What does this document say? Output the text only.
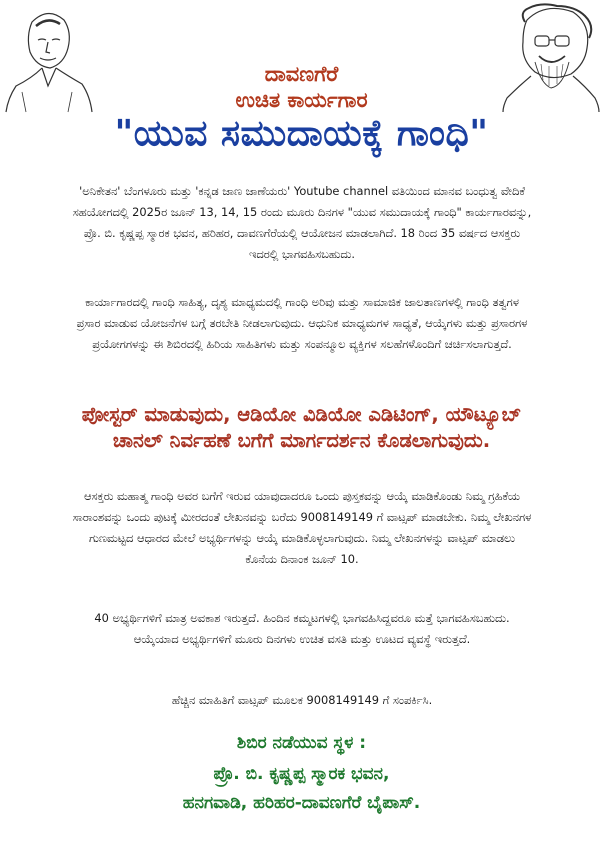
ದಾವಣಗೆರೆ
ಉಚಿತ ಕಾರ್ಯಗಾರ
"ಯುವ ಸಮುದಾಯಕ್ಕೆ ಗಾಂಧಿ"
'ಅನಿಕೇತನ' ಬೆಂಗಳೂರು ಮತ್ತು 'ಕನ್ನಡ ಜಾಣ ಜಾಣೆಯರು' Youtube channel ವತಿಯಿಂದ ಮಾನವ ಬಂಧುತ್ವ ವೇದಿಕೆ ಸಹಯೋಗದಲ್ಲಿ 2025ರ ಜೂನ್ 13, 14, 15 ರಂದು ಮೂರು ದಿನಗಳ "ಯುವ ಸಮುದಾಯಕ್ಕೆ ಗಾಂಧಿ" ಕಾರ್ಯಗಾರವನ್ನು, ಪ್ರೊ. ಬಿ. ಕೃಷ್ಣಪ್ಪ ಸ್ಮಾರಕ ಭವನ, ಹರಿಹರ, ದಾವಣಗೆರೆಯಲ್ಲಿ ಆಯೋಜನ ಮಾಡಲಾಗಿದೆ. 18 ರಿಂದ 35 ವರ್ಷದ ಆಸಕ್ತರು ಇದರಲ್ಲಿ ಭಾಗವಹಿಸಬಹುದು.
ಕಾರ್ಯಾಗಾರದಲ್ಲಿ ಗಾಂಧಿ ಸಾಹಿತ್ಯ, ದೃಶ್ಯ ಮಾಧ್ಯಮದಲ್ಲಿ ಗಾಂಧಿ ಅರಿವು ಮತ್ತು ಸಾಮಾಜಿಕ ಜಾಲತಾಣಗಳಲ್ಲಿ ಗಾಂಧಿ ತತ್ವಗಳ ಪ್ರಸಾರ ಮಾಡುವ ಯೋಜನೆಗಳ ಬಗ್ಗೆ ತರಬೇತಿ ನೀಡಲಾಗುವುದು. ಆಧುನಿಕ ಮಾಧ್ಯಮಗಳ ಸಾಧ್ಯತೆ, ಆಯ್ಕೆಗಳು ಮತ್ತು ಪ್ರಸಾರಗಳ ಪ್ರಯೋಗಗಳನ್ನು ಈ ಶಿಬಿರದಲ್ಲಿ ಹಿರಿಯ ಸಾಹಿತಿಗಳು ಮತ್ತು ಸಂಪನ್ಮೂಲ ವ್ಯಕ್ತಿಗಳ ಸಲಹೆಗಳೊಂದಿಗೆ ಚರ್ಚಿಸಲಾಗುತ್ತದೆ.
ಪೋಸ್ಟರ್ ಮಾಡುವುದು, ಆಡಿಯೋ ವಿಡಿಯೋ ಎಡಿಟಿಂಗ್, ಯೌಟ್ಯೂಬ್ ಚಾನಲ್ ನಿರ್ವಹಣೆ ಬಗೆಗೆ ಮಾರ್ಗದರ್ಶನ ಕೊಡಲಾಗುವುದು.
ಆಸಕ್ತರು ಮಹಾತ್ಮ ಗಾಂಧಿ ಅವರ ಬಗೆಗೆ ಇರುವ ಯಾವುದಾದರೂ ಒಂದು ಪುಸ್ತಕವನ್ನು ಆಯ್ಕೆ ಮಾಡಿಕೊಂಡು ನಿಮ್ಮ ಗ್ರಹಿಕೆಯ ಸಾರಾಂಶವನ್ನು ಒಂದು ಪುಟಕ್ಕೆ ಮೀರದಂತೆ ಲೇಖನವನ್ನು ಬರೆದು 9008149149 ಗೆ ವಾಟ್ಸಪ್ ಮಾಡಬೇಕು. ನಿಮ್ಮ ಲೇಖನಗಳ ಗುಣಮಟ್ಟದ ಆಧಾರದ ಮೇಲೆ ಅಭ್ಯರ್ಥಿಗಳನ್ನು ಆಯ್ಕೆ ಮಾಡಿಕೊಳ್ಳಲಾಗುವುದು. ನಿಮ್ಮ ಲೇಖನಗಳನ್ನು ವಾಟ್ಸಪ್ ಮಾಡಲು ಕೊನೆಯ ದಿನಾಂಕ ಜೂನ್ 10.
40 ಅಭ್ಯರ್ಥಿಗಳಿಗೆ ಮಾತ್ರ ಅವಕಾಶ ಇರುತ್ತದೆ. ಹಿಂದಿನ ಕಮ್ಮಟಗಳಲ್ಲಿ ಭಾಗವಹಿಸಿದ್ದವರೂ ಮತ್ತೆ ಭಾಗವಹಿಸಬಹುದು. ಆಯ್ಕೆಯಾದ ಅಭ್ಯರ್ಥಿಗಳಿಗೆ ಮೂರು ದಿನಗಳು ಉಚಿತ ವಸತಿ ಮತ್ತು ಊಟದ ವ್ಯವಸ್ಥೆ ಇರುತ್ತದೆ.
ಹೆಚ್ಚಿನ ಮಾಹಿತಿಗೆ ವಾಟ್ಸಪ್ ಮೂಲಕ 9008149149 ಗೆ ಸಂಪರ್ಕಿಸಿ.
ಶಿಬಿರ ನಡೆಯುವ ಸ್ಥಳ :
ಪ್ರೊ. ಬಿ. ಕೃಷ್ಣಪ್ಪ ಸ್ಮಾರಕ ಭವನ,
ಹನಗವಾಡಿ, ಹರಿಹರ-ದಾವಣಗೆರೆ ಬೈಪಾಸ್.
